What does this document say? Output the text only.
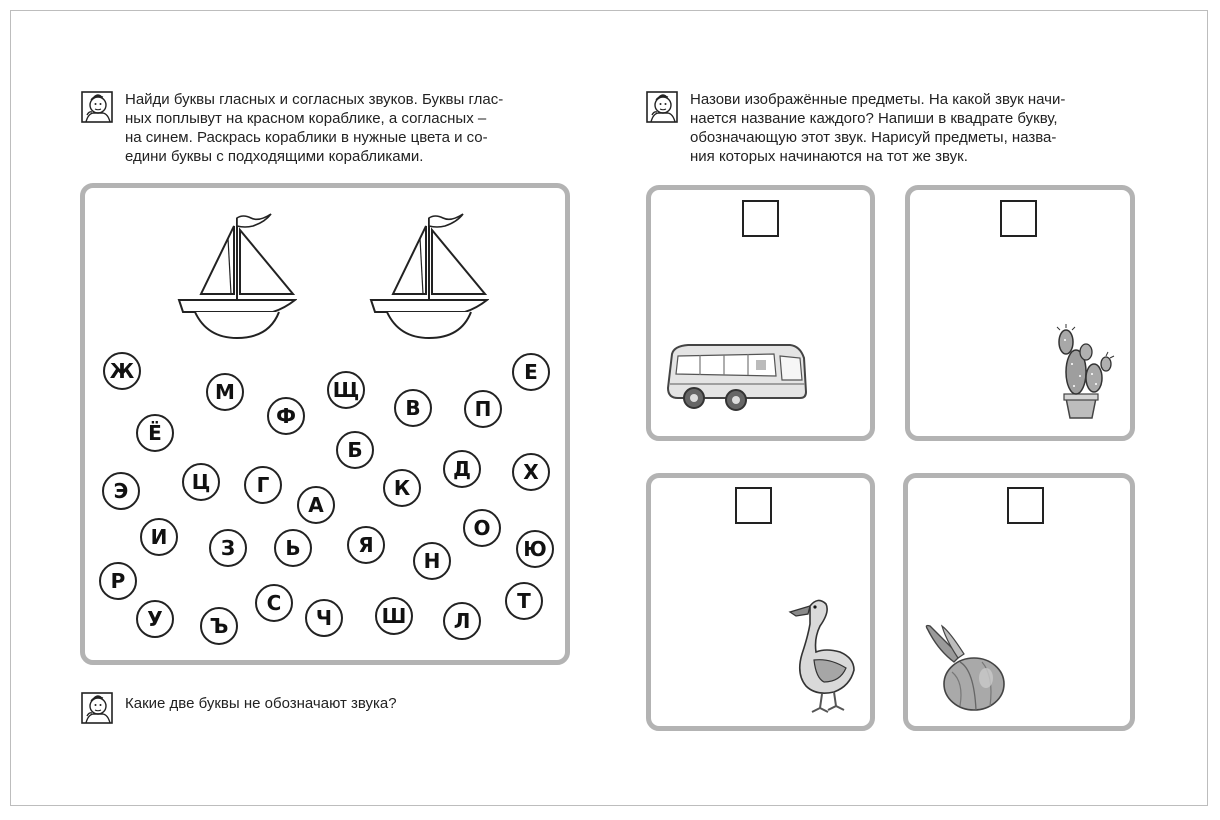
Найди буквы гласных и согласных звуков. Буквы глас-
ных поплывут на красном кораблике, а согласных –
на синем. Раскрась кораблики в нужные цвета и со-
едини буквы с подходящими корабликами.
Ж
М	Щ
Е
Ф	В	П
Ё
Б
Д	Х
Э	Ц	Г	К
А
И	З	Ь	Я
О
Ю
Н
Р
С	Т
У	Ъ	Ч	Ш	Л
Какие две буквы не обозначают звука?
Назови изображённые предметы. На какой звук начи-
нается название каждого? Напиши в квадрате букву,
обозначающую этот звук. Нарисуй предметы, назва-
ния которых начинаются на тот же звук.
